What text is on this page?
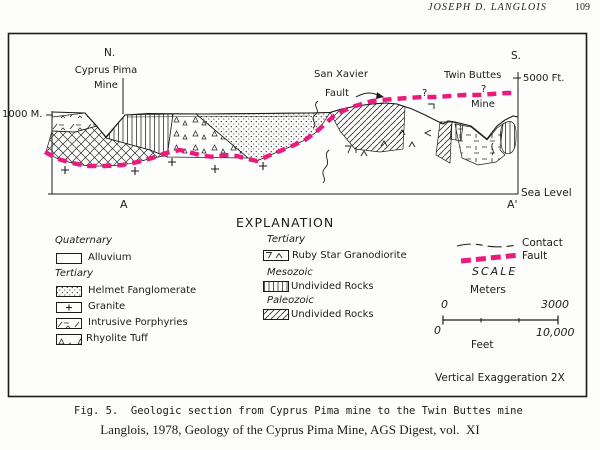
JOSEPH D. LANGLOIS	109
N.	S.
Cyprus Pima
Mine
San Xavier
Fault
Twin Buttes
Mine
1000 M.
5000 Ft.
Sea Level
A	A'
?	?
EXPLANATION
Quaternary
Alluvium
Tertiary
Helmet Fanglomerate
Granite
Intrusive Porphyries
Rhyolite Tuff
Tertiary
Ruby Star Granodiorite
Mesozoic
Undivided Rocks
Paleozoic
Undivided Rocks
Contact
Fault
SCALE
Meters
0	3000
0	10,000
Feet
Vertical Exaggeration 2X
Fig. 5.  Geologic section from Cyprus Pima mine to the Twin Buttes mine
Langlois, 1978, Geology of the Cyprus Pima Mine, AGS Digest, vol.  XI
